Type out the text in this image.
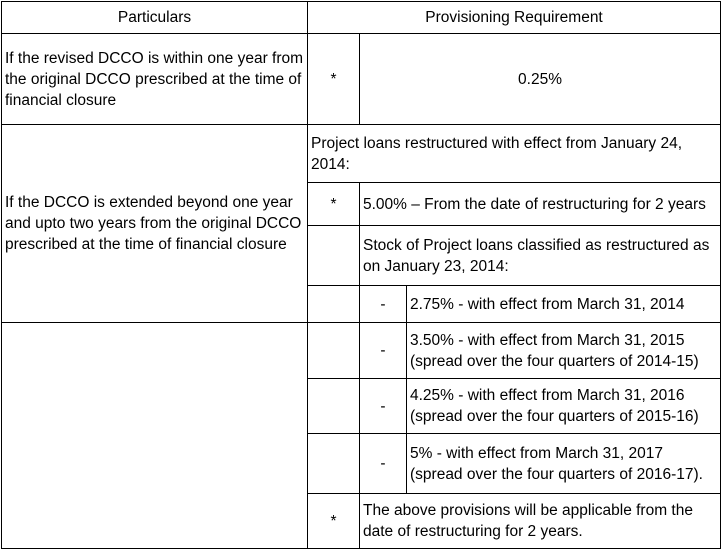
Particulars	Provisioning Requirement		
If the revised DCCO is within one year from the original DCCO prescribed at the time of financial closure	*	0.25%	
If the DCCO is extended beyond one year and upto two years from the original DCCO prescribed at the time of financial closure	Project loans restructured with effect from January 24, 2014:		
	*	5.00% – From the date of restructuring for 2 years	
		Stock of Project loans classified as restructured as on January 23, 2014:	
		-	2.75% - with effect from March 31, 2014
		-	3.50% - with effect from March 31, 2015 (spread over the four quarters of 2014-15)
		-	4.25% - with effect from March 31, 2016 (spread over the four quarters of 2015-16)
		-	5% - with effect from March 31, 2017 (spread over the four quarters of 2016-17).
	*	The above provisions will be applicable from the date of restructuring for 2 years.	
